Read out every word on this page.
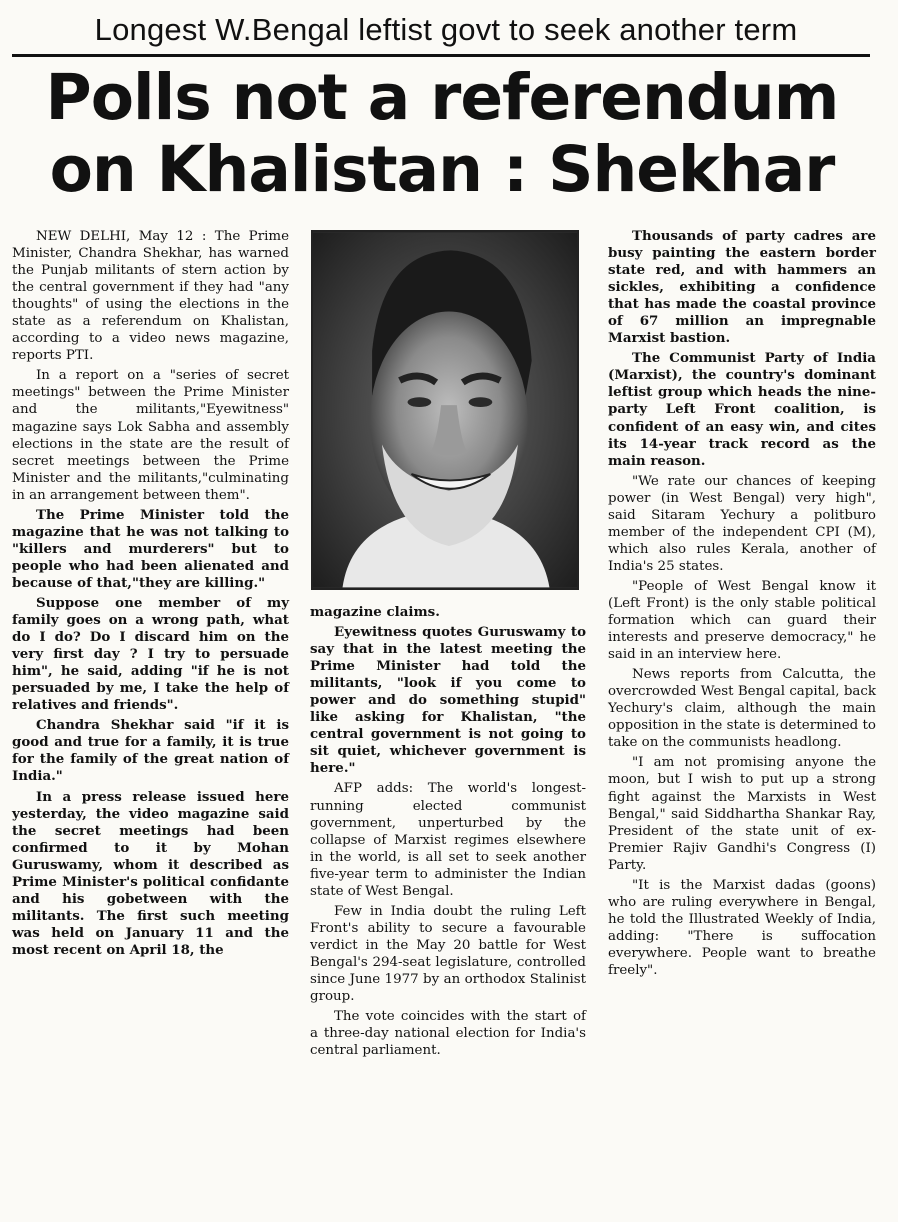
Longest W.Bengal leftist govt to seek another term
Polls not a referendum on Khalistan : Shekhar

NEW DELHI, May 12 : The Prime Minister, Chandra Shekhar, has warned the Punjab militants of stern action by the central government if they had "any thoughts" of using the elections in the state as a referendum on Khalistan, according to a video news magazine, reports PTI.

In a report on a "series of secret meetings" between the Prime Minister and the militants,"Eyewitness" magazine says Lok Sabha and assembly elections in the state are the result of secret meetings between the Prime Minister and the militants,"culminating in an arrangement between them".

The Prime Minister told the magazine that he was not talking to "killers and murderers" but to people who had been alienated and because of that,"they are killing."

Suppose one member of my family goes on a wrong path, what do I do? Do I discard him on the very first day ? I try to persuade him", he said, adding "if he is not persuaded by me, I take the help of relatives and friends".

Chandra Shekhar said "if it is good and true for a family, it is true for the family of the great nation of India."

In a press release issued here yesterday, the video magazine said the secret meetings had been confirmed to it by Mohan Guruswamy, whom it described as Prime Minister's political confidante and his gobetween with the militants. The first such meeting was held on January 11 and the most recent on April 18, the

magazine claims.

Eyewitness quotes Guruswamy to say that in the latest meeting the Prime Minister had told the militants, "look if you come to power and do something stupid" like asking for Khalistan, "the central government is not going to sit quiet, whichever government is here."

AFP adds: The world's longest-running elected communist government, unperturbed by the collapse of Marxist regimes elsewhere in the world, is all set to seek another five-year term to administer the Indian state of West Bengal.

Few in India doubt the ruling Left Front's ability to secure a favourable verdict in the May 20 battle for West Bengal's 294-seat legislature, controlled since June 1977 by an orthodox Stalinist group.

The vote coincides with the start of a three-day national election for India's central parliament.

Thousands of party cadres are busy painting the eastern border state red, and with hammers an sickles, exhibiting a confidence that has made the coastal province of 67 million an impregnable Marxist bastion.

The Communist Party of India (Marxist), the country's dominant leftist group which heads the nine-party Left Front coalition, is confident of an easy win, and cites its 14-year track record as the main reason.

"We rate our chances of keeping power (in West Bengal) very high", said Sitaram Yechury a politburo member of the independent CPI (M), which also rules Kerala, another of India's 25 states.

"People of West Bengal know it (Left Front) is the only stable political formation which can guard their interests and preserve democracy," he said in an interview here.

News reports from Calcutta, the overcrowded West Bengal capital, back Yechury's claim, although the main opposition in the state is determined to take on the communists headlong.

"I am not promising anyone the moon, but I wish to put up a strong fight against the Marxists in West Bengal," said Siddhartha Shankar Ray, President of the state unit of ex-Premier Rajiv Gandhi's Congress (I) Party.

"It is the Marxist dadas (goons) who are ruling everywhere in Bengal, he told the Illustrated Weekly of India, adding: "There is suffocation everywhere. People want to breathe freely".
